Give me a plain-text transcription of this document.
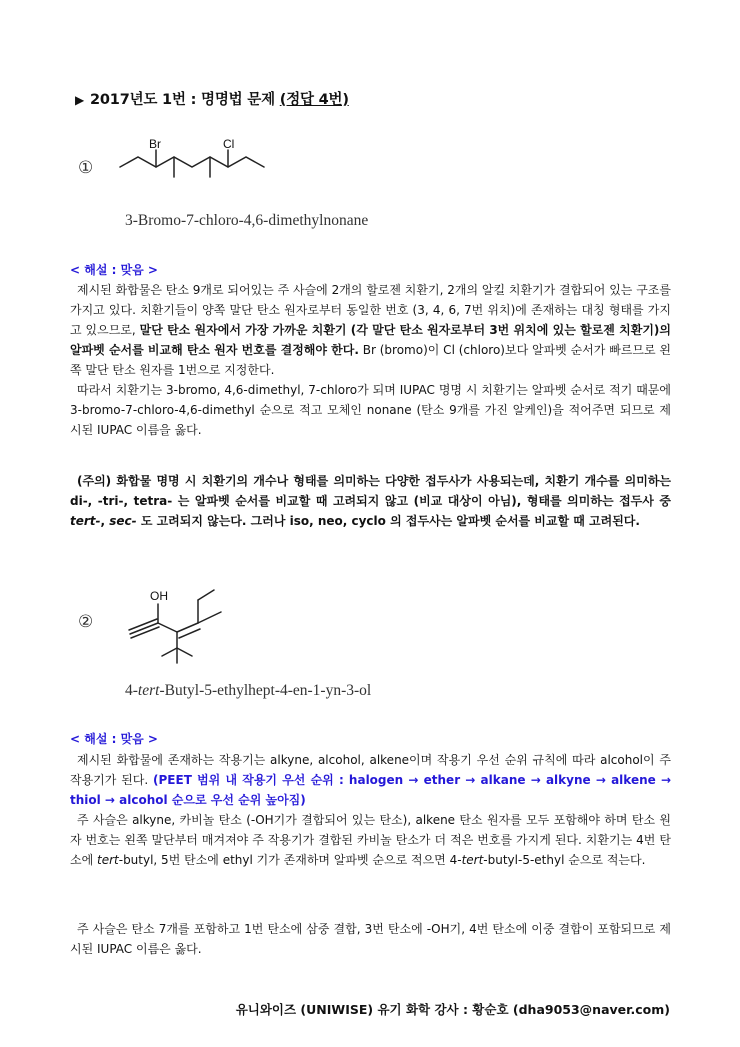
▶ 2017년도 1번 : 명명법 문제 (정답 4번)
①
Br	Cl
3-Bromo-7-chloro-4,6-dimethylnonane
< 해설 : 맞음 >

제시된 화합물은 탄소 9개로 되어있는 주 사슬에 2개의 할로젠 치환기, 2개의 알킬 치환기가 결합되어 있는 구조를 가지고 있다. 치환기들이 양쪽 말단 탄소 원자로부터 동일한 번호 (3, 4, 6, 7번 위치)에 존재하는 대칭 형태를 가지고 있으므로, 말단 탄소 원자에서 가장 가까운 치환기 (각 말단 탄소 원자로부터 3번 위치에 있는 할로젠 치환기)의 알파벳 순서를 비교해 탄소 원자 번호를 결정해야 한다. Br (bromo)이 Cl (chloro)보다 알파벳 순서가 빠르므로 왼쪽 말단 탄소 원자를 1번으로 지정한다.

따라서 치환기는 3-bromo, 4,6-dimethyl, 7-chloro가 되며 IUPAC 명명 시 치환기는 알파벳 순서로 적기 때문에 3-bromo-7-chloro-4,6-dimethyl 순으로 적고 모체인 nonane (탄소 9개를 가진 알케인)을 적어주면 되므로 제시된 IUPAC 이름을 옳다.

(주의) 화합물 명명 시 치환기의 개수나 형태를 의미하는 다양한 접두사가 사용되는데, 치환기 개수를 의미하는 di-, -tri-, tetra- 는 알파벳 순서를 비교할 때 고려되지 않고 (비교 대상이 아님), 형태를 의미하는 접두사 중 tert-, sec- 도 고려되지 않는다. 그러나 iso, neo, cyclo 의 접두사는 알파벳 순서를 비교할 때 고려된다.

②
OH
4-tert-Butyl-5-ethylhept-4-en-1-yn-3-ol
< 해설 : 맞음 >

제시된 화합물에 존재하는 작용기는 alkyne, alcohol, alkene이며 작용기 우선 순위 규칙에 따라 alcohol이 주 작용기가 된다. (PEET 범위 내 작용기 우선 순위 : halogen → ether → alkane → alkyne → alkene → thiol → alcohol 순으로 우선 순위 높아짐)

주 사슬은 alkyne, 카비놀 탄소 (-OH기가 결합되어 있는 탄소), alkene 탄소 원자를 모두 포함해야 하며 탄소 원자 번호는 왼쪽 말단부터 매겨져야 주 작용기가 결합된 카비놀 탄소가 더 적은 번호를 가지게 된다. 치환기는 4번 탄소에 tert-butyl, 5번 탄소에 ethyl 기가 존재하며 알파벳 순으로 적으면 4-tert-butyl-5-ethyl 순으로 적는다.

주 사슬은 탄소 7개를 포함하고 1번 탄소에 삼중 결합, 3번 탄소에 -OH기, 4번 탄소에 이중 결합이 포함되므로 제시된 IUPAC 이름은 옳다.

유니와이즈 (UNIWISE) 유기 화학 강사 : 황순호 (dha9053@naver.com)
